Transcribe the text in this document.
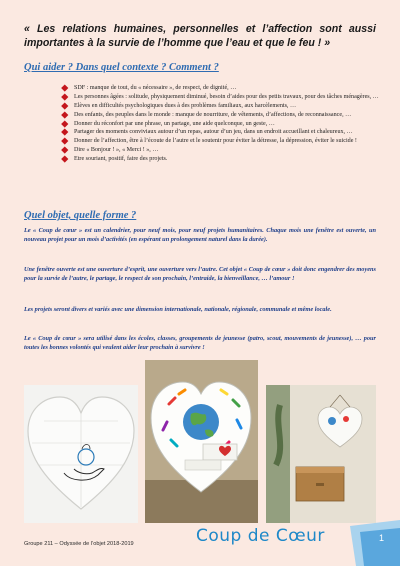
« Les relations humaines, personnelles et l’affection sont aussi importantes à la survie de l’homme que l’eau et que le feu ! »
Qui aider ? Dans quel contexte ? Comment ?
SDF : manque de tout, du « nécessaire », de respect, de dignité, …
Les personnes âgées : solitude, physiquement diminué, besoin d’aides pour des petits travaux, pour des tâches ménagères, …
Elèves en difficultés psychologiques dues à des problèmes familiaux, aux harcèlements, …
Des enfants, des peuples dans le monde : manque de nourriture, de vêtements, d’affections, de reconnaissance, …
Donner du réconfort par une phrase, un partage, une aide quelconque, un geste, …
Partager des moments conviviaux autour d’un repas, autour d’un jeu, dans un endroit accueillant et chaleureux, …
Donner de l’affection, être à l’écoute de l’autre et le soutenir pour éviter la détresse, la dépression, éviter le suicide !
Dire « Bonjour ! », « Merci ! », …
Etre souriant, positif, faire des projets.
Quel objet, quelle forme ?

Le « Coup de cœur » est un calendrier, pour neuf mois, pour neuf projets humanitaires. Chaque mois une fenêtre est ouverte, un nouveau projet pour un mois d’activités (en espérant un prolongement naturel dans la durée).

Une fenêtre ouverte est une ouverture d’esprit, une ouverture vers l’autre. Cet objet « Coup de cœur » doit donc engendrer des moyens pour la survie de l’autre, le partage, le respect de son prochain, l’entraide, la bienveillance, … l’amour !

Les projets seront divers et variés avec une dimension internationale, nationale, régionale, communale et même locale.

Le « Coup de cœur » sera utilisé dans les écoles, classes, groupements de jeunesse (patro, scout, mouvements de jeunesse), … pour toutes les bonnes volontés qui veulent aider leur prochain à survivre !

Groupe 211 – Odyssée de l’objet 2018-2019	Coup de Cœur	1
